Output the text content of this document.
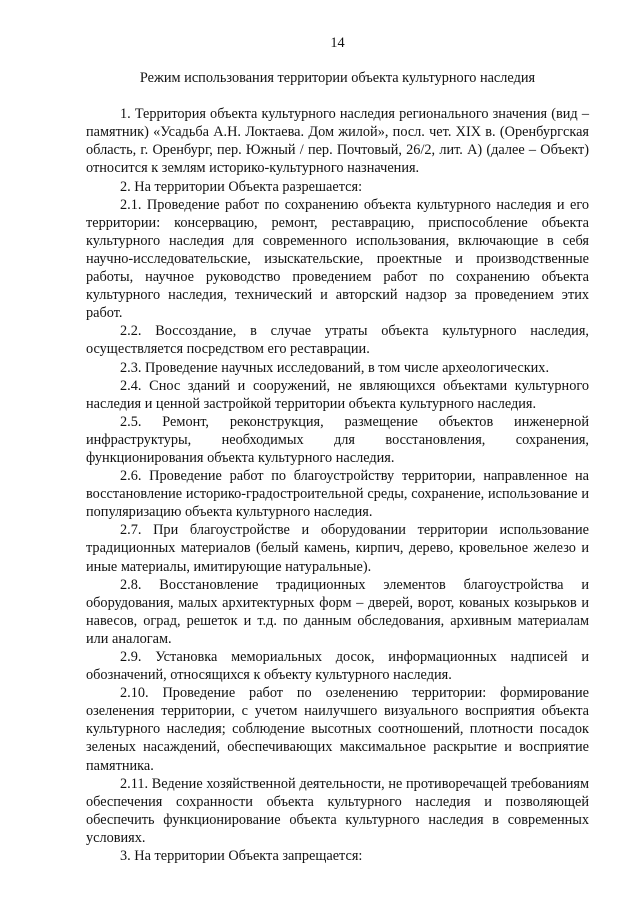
14
Режим использования территории объекта культурного наследия

1. Территория объекта культурного наследия регионального значения (вид – памятник) «Усадьба А.Н. Локтаева. Дом жилой», посл. чет. XIX в. (Оренбургская область, г. Оренбург, пер. Южный / пер. Почтовый, 26/2, лит. А) (далее – Объект) относится к землям историко-культурного назначения.

2. На территории Объекта разрешается:

2.1. Проведение работ по сохранению объекта культурного наследия и его территории: консервацию, ремонт, реставрацию, приспособление объекта культурного наследия для современного использования, включающие в себя научно-исследовательские, изыскательские, проектные и производственные работы, научное руководство проведением работ по сохранению объекта культурного наследия, технический и авторский надзор за проведением этих работ.

2.2. Воссоздание, в случае утраты объекта культурного наследия, осуществляется посредством его реставрации.

2.3. Проведение научных исследований, в том числе археологических.

2.4. Снос зданий и сооружений, не являющихся объектами культурного наследия и ценной застройкой территории объекта культурного наследия.

2.5. Ремонт, реконструкция, размещение объектов инженерной инфраструктуры, необходимых для восстановления, сохранения, функционирования объекта культурного наследия.

2.6. Проведение работ по благоустройству территории, направленное на восстановление историко-градостроительной среды, сохранение, использование и популяризацию объекта культурного наследия.

2.7. При благоустройстве и оборудовании территории использование традиционных материалов (белый камень, кирпич, дерево, кровельное железо и иные материалы, имитирующие натуральные).

2.8. Восстановление традиционных элементов благоустройства и оборудования, малых архитектурных форм – дверей, ворот, кованых козырьков и навесов, оград, решеток и т.д. по данным обследования, архивным материалам или аналогам.

2.9. Установка мемориальных досок, информационных надписей и обозначений, относящихся к объекту культурного наследия.

2.10. Проведение работ по озеленению территории: формирование озеленения территории, с учетом наилучшего визуального восприятия объекта культурного наследия; соблюдение высотных соотношений, плотности посадок зеленых насаждений, обеспечивающих максимальное раскрытие и восприятие памятника.

2.11. Ведение хозяйственной деятельности, не противоречащей требованиям обеспечения сохранности объекта культурного наследия и позволяющей обеспечить функционирование объекта культурного наследия в современных условиях.

3. На территории Объекта запрещается:
